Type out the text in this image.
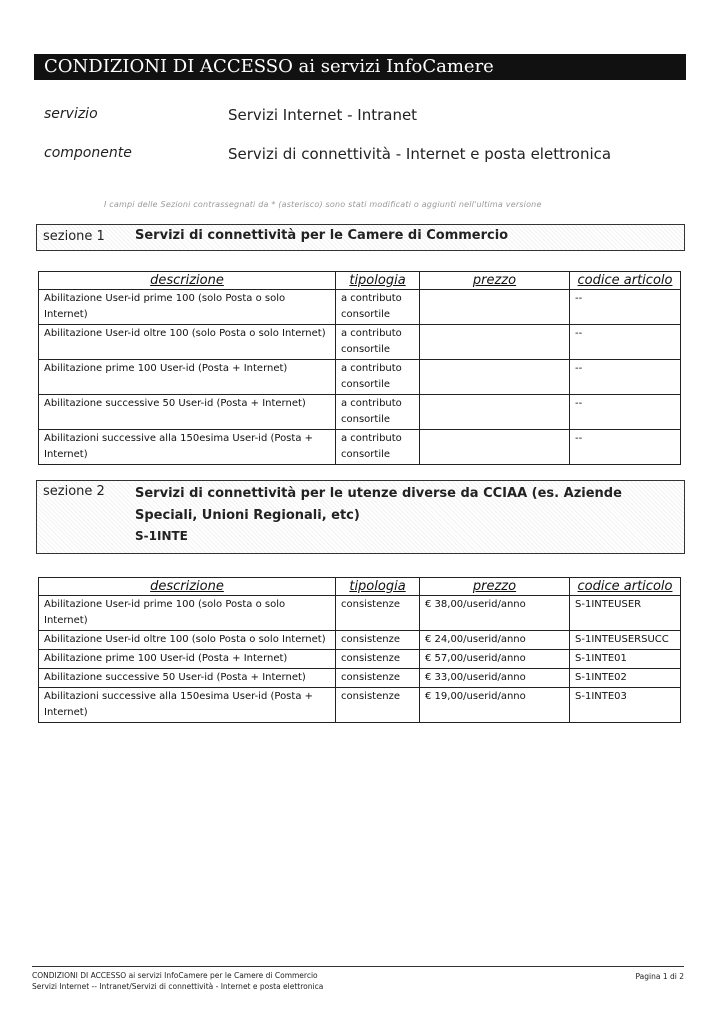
CONDIZIONI DI ACCESSO ai servizi InfoCamere
servizio	Servizi Internet - Intranet
componente	Servizi di connettività - Internet e posta elettronica
I campi delle Sezioni contrassegnati da * (asterisco) sono stati modificati o aggiunti nell'ultima versione
sezione 1 Servizi di connettività per le Camere di Commercio
descrizione	tipologia	prezzo	codice articolo
Abilitazione User-id prime 100 (solo Posta o solo Internet)	a contributo consortile		--
Abilitazione User-id oltre 100 (solo Posta o solo Internet)	a contributo consortile		--
Abilitazione prime 100 User-id (Posta + Internet)	a contributo consortile		--
Abilitazione successive 50 User-id (Posta + Internet)	a contributo consortile		--
Abilitazioni successive alla 150esima User-id (Posta + Internet)	a contributo consortile		--
sezione 2 Servizi di connettività per le utenze diverse da CCIAA (es. Aziende Speciali, Unioni Regionali, etc)
S-1INTE
descrizione	tipologia	prezzo	codice articolo
Abilitazione User-id prime 100 (solo Posta o solo Internet)	consistenze	€ 38,00/userid/anno	S-1INTEUSER
Abilitazione User-id oltre 100 (solo Posta o solo Internet)	consistenze	€ 24,00/userid/anno	S-1INTEUSERSUCC
Abilitazione prime 100 User-id (Posta + Internet)	consistenze	€ 57,00/userid/anno	S-1INTE01
Abilitazione successive 50 User-id (Posta + Internet)	consistenze	€ 33,00/userid/anno	S-1INTE02
Abilitazioni successive alla 150esima User-id (Posta + Internet)	consistenze	€ 19,00/userid/anno	S-1INTE03
CONDIZIONI DI ACCESSO ai servizi InfoCamere per le Camere di Commercio
Servizi Internet -- Intranet/Servizi di connettività - Internet e posta elettronica
Pagina 1 di 2
